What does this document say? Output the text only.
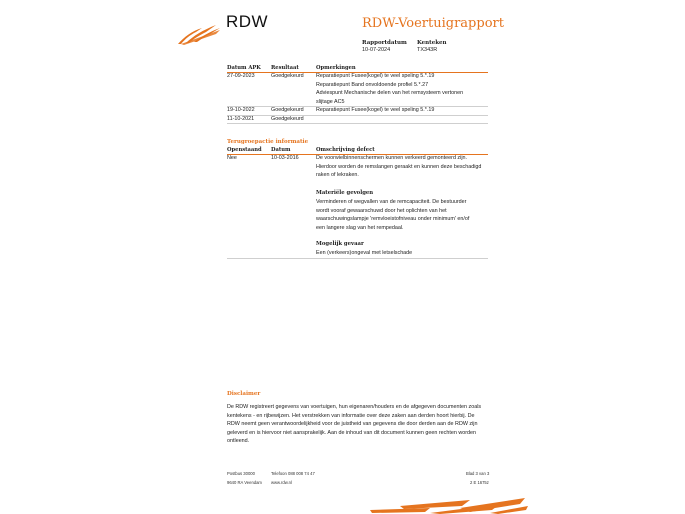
RDW	RDW-Voertuigrapport
Rapportdatum
10-07-2024
Kenteken
TX343R
Datum APK Resultaat	Opmerkingen
27-09-2023	Goedgekeurd Reparatiepunt Fusee(kogel) te veel speling 5.*.19
Reparatiepunt Band onvoldoende profiel 5.*.27
Adviespunt Mechanische delen van het remsysteem vertonen
slijtage AC5
19-10-2022	Goedgekeurd Reparatiepunt Fusee(kogel) te veel speling 5.*.19
11-10-2021	Goedgekeurd
Terugroepactie informatie
Openstaand Datum	Omschrijving defect
Nee	10-03-2016	De voorwielbinnenschermen kunnen verkeerd gemonteerd zijn.
Hierdoor worden de remslangen geraakt en kunnen deze beschadigd
raken of lekraken.
Materiële gevolgen
Verminderen of wegvallen van de remcapaciteit. De bestuurder
wordt vooraf gewaarschuwd door het oplichten van het
waarschuwingslampje 'remvloeistofniveau onder minimum' en/of
een langere slag van het rempedaal.
Mogelijk gevaar
Een (verkeers)ongeval met letselschade
Disclaimer
De RDW registreert gegevens van voertuigen, hun eigenaren/houders en de afgegeven documenten zoals
kentekens - en rijbewijzen. Het verstrekken van informatie over deze zaken aan derden hoort hierbij. De
RDW neemt geen verantwoordelijkheid voor de juistheid van gegevens die door derden aan de RDW zijn
geleverd en is hiervoor niet aansprakelijk. Aan de inhoud van dit document kunnen geen rechten worden
ontleend.
Postbus 30000
9640 RA Veendam
Telefoon 088 008 74 47
www.rdw.nl
Blad 3 van 3
2 E 1675z
